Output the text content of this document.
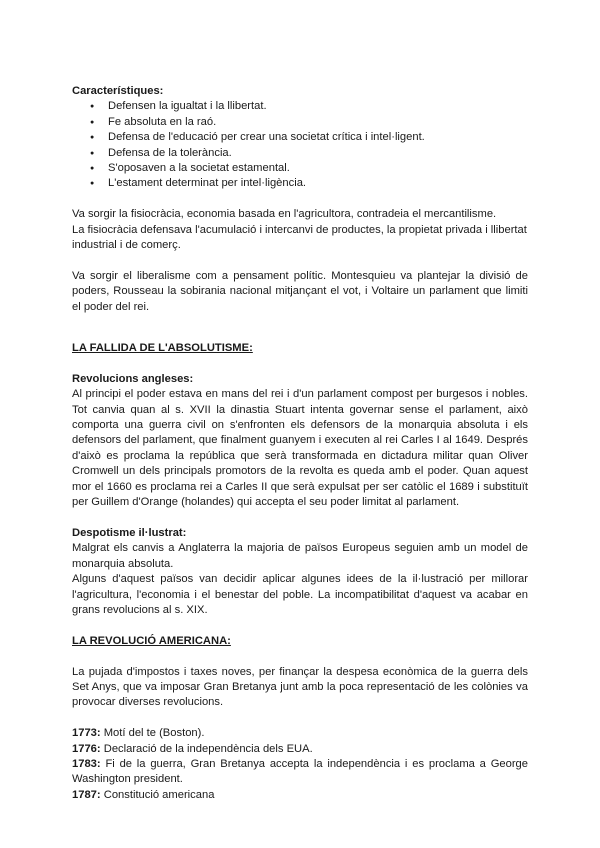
Característiques:

● Defensen la igualtat i la llibertat.
● Fe absoluta en la raó.
● Defensa de l'educació per crear una societat crítica i intel·ligent.
● Defensa de la tolerància.
● S'oposaven a la societat estamental.
● L'estament determinat per intel·ligència.

Va sorgir la fisiocràcia, economia basada en l'agricultora, contradeia el mercantilisme.

La fisiocràcia defensava l'acumulació i intercanvi de productes, la propietat privada i llibertat industrial i de comerç.

Va sorgir el liberalisme com a pensament polític. Montesquieu va plantejar la divisió de poders, Rousseau la sobirania nacional mitjançant el vot, i Voltaire un parlament que limiti el poder del rei.

LA FALLIDA DE L'ABSOLUTISME:

Revolucions angleses:

Al principi el poder estava en mans del rei i d'un parlament compost per burgesos i nobles. Tot canvia quan al s. XVII la dinastia Stuart intenta governar sense el parlament, això comporta una guerra civil on s'enfronten els defensors de la monarquia absoluta i els defensors del parlament, que finalment guanyem i executen al rei Carles I al 1649. Després d'això es proclama la república que serà transformada en dictadura militar quan Oliver Cromwell un dels principals promotors de la revolta es queda amb el poder. Quan aquest mor el 1660 es proclama rei a Carles II que serà expulsat per ser catòlic el 1689 i substituït per Guillem d'Orange (holandes) qui accepta el seu poder limitat al parlament.

Despotisme il·lustrat:

Malgrat els canvis a Anglaterra la majoria de països Europeus seguien amb un model de monarquia absoluta.

Alguns d'aquest països van decidir aplicar algunes idees de la il·lustració per millorar l'agricultura, l'economia i el benestar del poble. La incompatibilitat d'aquest va acabar en grans revolucions al s. XIX.

LA REVOLUCIÓ AMERICANA:

La pujada d'impostos i taxes noves, per finançar la despesa econòmica de la guerra dels Set Anys, que va imposar Gran Bretanya junt amb la poca representació de les colònies va provocar diverses revolucions.

1773: Motí del te (Boston).

1776: Declaració de la independència dels EUA.

1783: Fi de la guerra, Gran Bretanya accepta la independència i es proclama a George Washington president.

1787: Constitució americana
